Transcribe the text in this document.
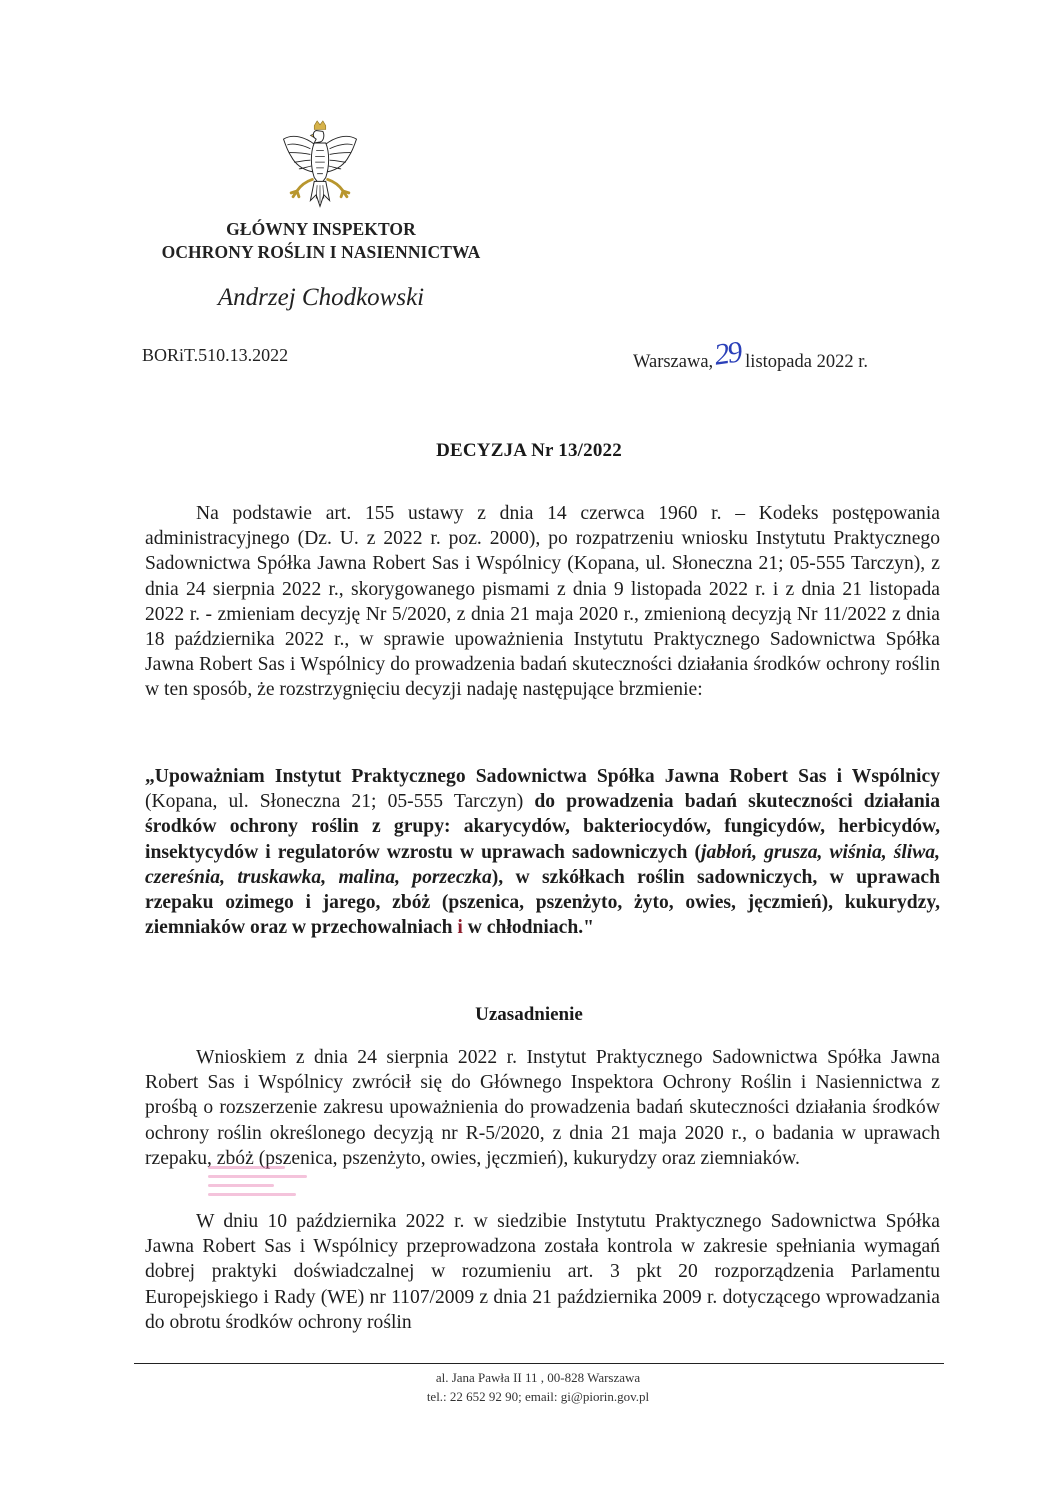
GŁÓWNY INSPEKTOR
OCHRONY ROŚLIN I NASIENNICTWA
Andrzej Chodkowski
BORiT.510.13.2022	Warszawa,29 listopada 2022 r.
DECYZJA Nr 13/2022

Na podstawie art. 155 ustawy z dnia 14 czerwca 1960 r. – Kodeks postępowania administracyjnego (Dz. U. z 2022 r. poz. 2000), po rozpatrzeniu wniosku Instytutu Praktycznego Sadownictwa Spółka Jawna Robert Sas i Wspólnicy (Kopana, ul. Słoneczna 21; 05-555 Tarczyn), z dnia 24 sierpnia 2022 r., skorygowanego pismami z dnia 9 listopada 2022 r. i z dnia 21 listopada 2022 r. - zmieniam decyzję Nr 5/2020, z dnia 21 maja 2020 r., zmienioną decyzją Nr 11/2022 z dnia 18 października 2022 r., w sprawie upoważnienia Instytutu Praktycznego Sadownictwa Spółka Jawna Robert Sas i Wspólnicy do prowadzenia badań skuteczności działania środków ochrony roślin w ten sposób, że rozstrzygnięciu decyzji nadaję następujące brzmienie:

„Upoważniam Instytut Praktycznego Sadownictwa Spółka Jawna Robert Sas i Wspólnicy (Kopana, ul. Słoneczna 21; 05-555 Tarczyn) do prowadzenia badań skuteczności działania środków ochrony roślin z grupy: akarycydów, bakteriocydów, fungicydów, herbicydów, insektycydów i regulatorów wzrostu w uprawach sadowniczych (jabłoń, grusza, wiśnia, śliwa, czereśnia, truskawka, malina, porzeczka), w szkółkach roślin sadowniczych, w uprawach rzepaku ozimego i jarego, zbóż (pszenica, pszenżyto, żyto, owies, jęczmień), kukurydzy, ziemniaków oraz w przechowalniach i w chłodniach."

Uzasadnienie

Wnioskiem z dnia 24 sierpnia 2022 r. Instytut Praktycznego Sadownictwa Spółka Jawna Robert Sas i Wspólnicy zwrócił się do Głównego Inspektora Ochrony Roślin i Nasiennictwa z prośbą o rozszerzenie zakresu upoważnienia do prowadzenia badań skuteczności działania środków ochrony roślin określonego decyzją nr R-5/2020, z dnia 21 maja 2020 r., o badania w uprawach rzepaku, zbóż (pszenica, pszenżyto, owies, jęczmień), kukurydzy oraz ziemniaków.

W dniu 10 października 2022 r. w siedzibie Instytutu Praktycznego Sadownictwa Spółka Jawna Robert Sas i Wspólnicy przeprowadzona została kontrola w zakresie spełniania wymagań dobrej praktyki doświadczalnej w rozumieniu art. 3 pkt 20 rozporządzenia Parlamentu Europejskiego i Rady (WE) nr 1107/2009 z dnia 21 października 2009 r. dotyczącego wprowadzania do obrotu środków ochrony roślin

al. Jana Pawła II 11 , 00-828 Warszawa
tel.: 22 652 92 90; email: gi@piorin.gov.pl
